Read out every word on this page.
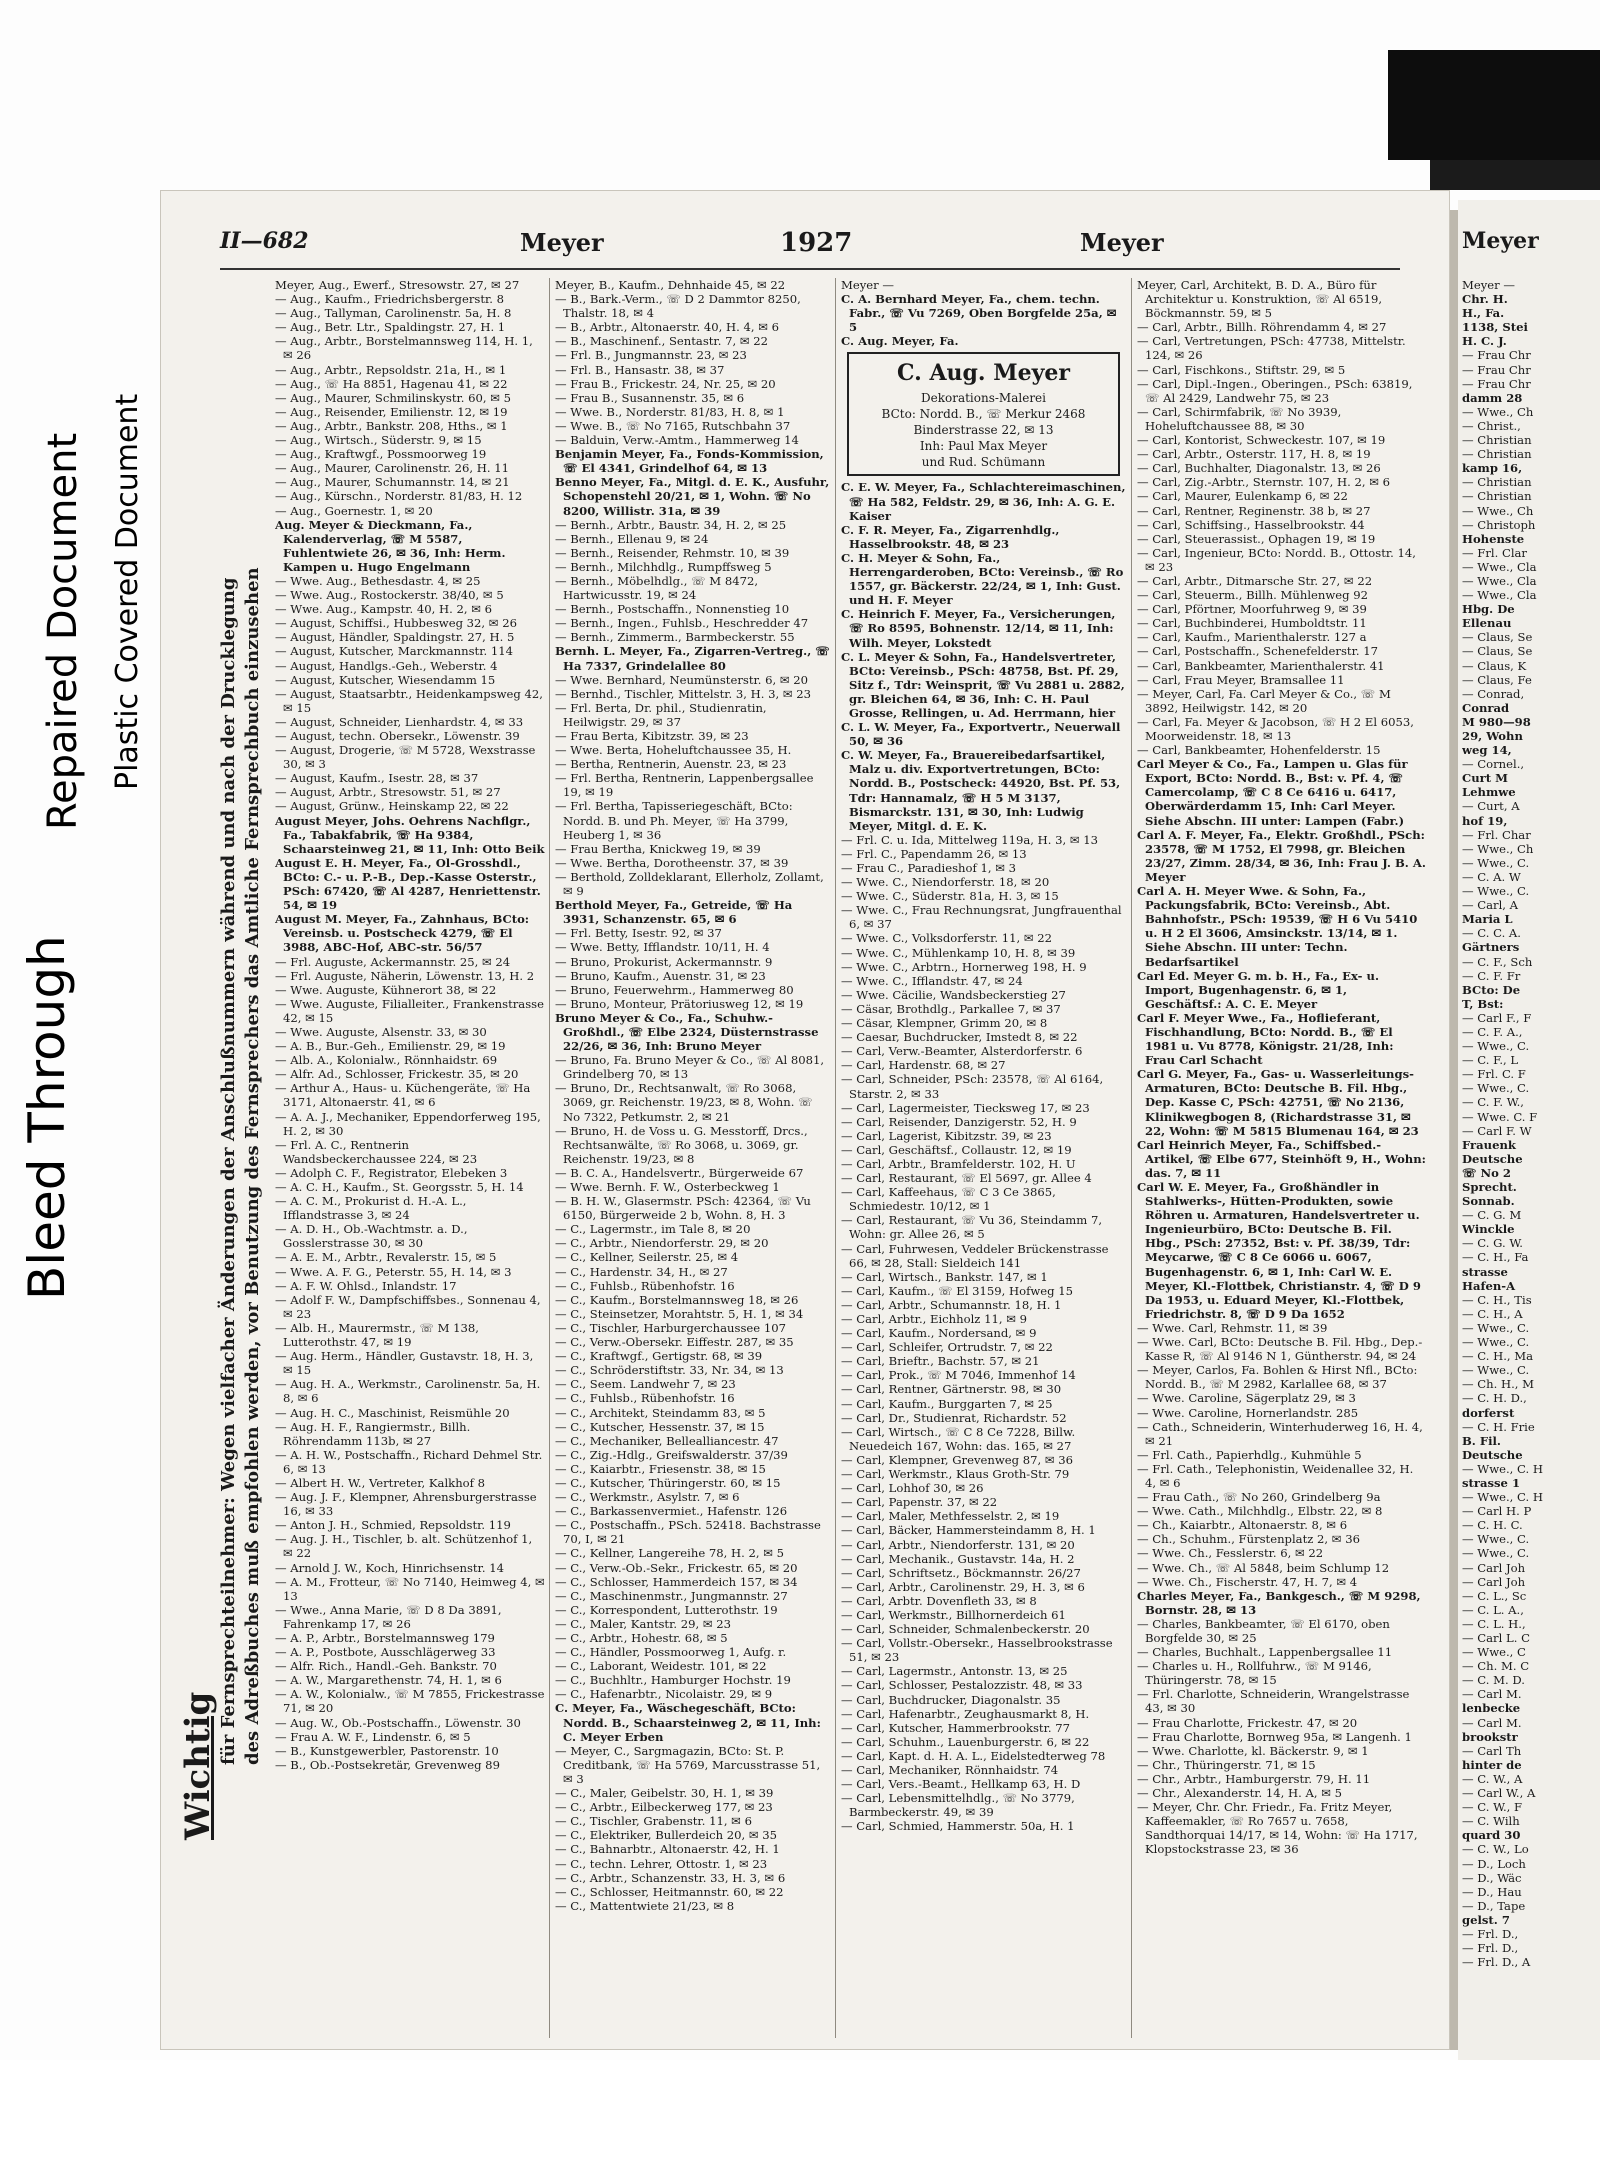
Bleed Through
Repaired Document Plastic Covered Document
II—682	Meyer	1927	Meyer	Meyer
Wichtig
für Fernsprechteilnehmer: Wegen vielfacher Änderungen der Anschlußnummern während und nach der Drucklegung des Adreßbuches muß empfohlen werden, vor Benutzung des Fernsprechers das Amtliche Fernsprechbuch einzusehen

Meyer, Aug., Ewerf., Stresowstr. 27, ✉ 27

— Aug., Kaufm., Friedrichsbergerstr. 8

— Aug., Tallyman, Carolinenstr. 5a, H. 8

— Aug., Betr. Ltr., Spaldingstr. 27, H. 1

— Aug., Arbtr., Borstelmannsweg 114, H. 1, ✉ 26

— Aug., Arbtr., Repsoldstr. 21a, H., ✉ 1

— Aug., ☏ Ha 8851, Hagenau 41, ✉ 22

— Aug., Maurer, Schmilinskystr. 60, ✉ 5

— Aug., Reisender, Emilienstr. 12, ✉ 19

— Aug., Arbtr., Bankstr. 208, Hths., ✉ 1

— Aug., Wirtsch., Süderstr. 9, ✉ 15

— Aug., Kraftwgf., Possmoorweg 19

— Aug., Maurer, Carolinenstr. 26, H. 11

— Aug., Maurer, Schumannstr. 14, ✉ 21

— Aug., Kürschn., Norderstr. 81/83, H. 12

— Aug., Goernestr. 1, ✉ 20

Aug. Meyer & Dieckmann, Fa., Kalenderverlag, ☏ M 5587, Fuhlentwiete 26, ✉ 36, Inh: Herm. Kampen u. Hugo Engelmann

— Wwe. Aug., Bethesdastr. 4, ✉ 25

— Wwe. Aug., Rostockerstr. 38/40, ✉ 5

— Wwe. Aug., Kampstr. 40, H. 2, ✉ 6

— August, Schiffsi., Hubbesweg 32, ✉ 26

— August, Händler, Spaldingstr. 27, H. 5

— August, Kutscher, Marckmannstr. 114

— August, Handlgs.-Geh., Weberstr. 4

— August, Kutscher, Wiesendamm 15

— August, Staatsarbtr., Heidenkampsweg 42, ✉ 15

— August, Schneider, Lienhardstr. 4, ✉ 33

— August, techn. Obersekr., Löwenstr. 39

— August, Drogerie, ☏ M 5728, Wexstrasse 30, ✉ 3

— August, Kaufm., Isestr. 28, ✉ 37

— August, Arbtr., Stresowstr. 51, ✉ 27

— August, Grünw., Heinskamp 22, ✉ 22

August Meyer, Johs. Oehrens Nachflgr., Fa., Tabakfabrik, ☏ Ha 9384, Schaarsteinweg 21, ✉ 11, Inh: Otto Beik

August E. H. Meyer, Fa., Ol-Grosshdl., BCto: C.- u. P.-B., Dep.-Kasse Osterstr., PSch: 67420, ☏ Al 4287, Henriettenstr. 54, ✉ 19

August M. Meyer, Fa., Zahnhaus, BCto: Vereinsb. u. Postscheck 4279, ☏ El 3988, ABC-Hof, ABC-str. 56/57

— Frl. Auguste, Ackermannstr. 25, ✉ 24

— Frl. Auguste, Näherin, Löwenstr. 13, H. 2

— Wwe. Auguste, Kühnerort 38, ✉ 22

— Wwe. Auguste, Filialleiter., Frankenstrasse 42, ✉ 15

— Wwe. Auguste, Alsenstr. 33, ✉ 30

— A. B., Bur.-Geh., Emilienstr. 29, ✉ 19

— Alb. A., Kolonialw., Rönnhaidstr. 69

— Alfr. Ad., Schlosser, Frickestr. 35, ✉ 20

— Arthur A., Haus- u. Küchengeräte, ☏ Ha 3171, Altonaerstr. 41, ✉ 6

— A. A. J., Mechaniker, Eppendorferweg 195, H. 2, ✉ 30

— Frl. A. C., Rentnerin Wandsbeckerchaussee 224, ✉ 23

— Adolph C. F., Registrator, Elebeken 3

— A. C. H., Kaufm., St. Georgsstr. 5, H. 14

— A. C. M., Prokurist d. H.-A. L., Ifflandstrasse 3, ✉ 24

— A. D. H., Ob.-Wachtmstr. a. D., Gosslerstrasse 30, ✉ 30

— A. E. M., Arbtr., Revalerstr. 15, ✉ 5

— Wwe. A. F. G., Peterstr. 55, H. 14, ✉ 3

— A. F. W. Ohlsd., Inlandstr. 17

— Adolf F. W., Dampfschiffsbes., Sonnenau 4, ✉ 23

— Alb. H., Maurermstr., ☏ M 138, Lutterothstr. 47, ✉ 19

— Aug. Herm., Händler, Gustavstr. 18, H. 3, ✉ 15

— Aug. H. A., Werkmstr., Carolinenstr. 5a, H. 8, ✉ 6

— Aug. H. C., Maschinist, Reismühle 20

— Aug. H. F., Rangiermstr., Billh. Röhrendamm 113b, ✉ 27

— A. H. W., Postschaffn., Richard Dehmel Str. 6, ✉ 13

— Albert H. W., Vertreter, Kalkhof 8

— Aug. J. F., Klempner, Ahrensburgerstrasse 16, ✉ 33

— Anton J. H., Schmied, Repsoldstr. 119

— Aug. J. H., Tischler, b. alt. Schützenhof 1, ✉ 22

— Arnold J. W., Koch, Hinrichsenstr. 14

— A. M., Frotteur, ☏ No 7140, Heimweg 4, ✉ 13

— Wwe., Anna Marie, ☏ D 8 Da 3891, Fahrenkamp 17, ✉ 26

— A. P., Arbtr., Borstelmannsweg 179

— A. P., Postbote, Ausschlägerweg 33

— Alfr. Rich., Handl.-Geh. Bankstr. 70

— A. W., Margarethenstr. 74, H. 1, ✉ 6

— A. W., Kolonialw., ☏ M 7855, Frickestrasse 71, ✉ 20

— Aug. W., Ob.-Postschaffn., Löwenstr. 30

— Frau A. W. F., Lindenstr. 6, ✉ 5

— B., Kunstgewerbler, Pastorenstr. 10

— B., Ob.-Postsekretär, Grevenweg 89

Meyer, B., Kaufm., Dehnhaide 45, ✉ 22

— B., Bark.-Verm., ☏ D 2 Dammtor 8250, Thalstr. 18, ✉ 4

— B., Arbtr., Altonaerstr. 40, H. 4, ✉ 6

— B., Maschinenf., Sentastr. 7, ✉ 22

— Frl. B., Jungmannstr. 23, ✉ 23

— Frl. B., Hansastr. 38, ✉ 37

— Frau B., Frickestr. 24, Nr. 25, ✉ 20

— Frau B., Susannenstr. 35, ✉ 6

— Wwe. B., Norderstr. 81/83, H. 8, ✉ 1

— Wwe. B., ☏ No 7165, Rutschbahn 37

— Balduin, Verw.-Amtm., Hammerweg 14

Benjamin Meyer, Fa., Fonds-Kommission, ☏ El 4341, Grindelhof 64, ✉ 13

Benno Meyer, Fa., Mitgl. d. E. K., Ausfuhr, Schopenstehl 20/21, ✉ 1, Wohn. ☏ No 8200, Willistr. 31a, ✉ 39

— Bernh., Arbtr., Baustr. 34, H. 2, ✉ 25

— Bernh., Ellenau 9, ✉ 24

— Bernh., Reisender, Rehmstr. 10, ✉ 39

— Bernh., Milchhdlg., Rumpffsweg 5

— Bernh., Möbelhdlg., ☏ M 8472, Hartwicusstr. 19, ✉ 24

— Bernh., Postschaffn., Nonnenstieg 10

— Bernh., Ingen., Fuhlsb., Heschredder 47

— Bernh., Zimmerm., Barmbeckerstr. 55

Bernh. L. Meyer, Fa., Zigarren-Vertreg., ☏ Ha 7337, Grindelallee 80

— Wwe. Bernhard, Neumünsterstr. 6, ✉ 20

— Bernhd., Tischler, Mittelstr. 3, H. 3, ✉ 23

— Frl. Berta, Dr. phil., Studienratin, Heilwigstr. 29, ✉ 37

— Frau Berta, Kibitzstr. 39, ✉ 23

— Wwe. Berta, Hoheluftchaussee 35, H.

— Bertha, Rentnerin, Auenstr. 23, ✉ 23

— Frl. Bertha, Rentnerin, Lappenbergsallee 19, ✉ 19

— Frl. Bertha, Tapisseriegeschäft, BCto: Nordd. B. und Ph. Meyer, ☏ Ha 3799, Heuberg 1, ✉ 36

— Frau Bertha, Knickweg 19, ✉ 39

— Wwe. Bertha, Dorotheenstr. 37, ✉ 39

— Berthold, Zolldeklarant, Ellerholz, Zollamt, ✉ 9

Berthold Meyer, Fa., Getreide, ☏ Ha 3931, Schanzenstr. 65, ✉ 6

— Frl. Betty, Isestr. 92, ✉ 37

— Wwe. Betty, Ifflandstr. 10/11, H. 4

— Bruno, Prokurist, Ackermannstr. 9

— Bruno, Kaufm., Auenstr. 31, ✉ 23

— Bruno, Feuerwehrm., Hammerweg 80

— Bruno, Monteur, Prätoriusweg 12, ✉ 19

Bruno Meyer & Co., Fa., Schuhw.-Großhdl., ☏ Elbe 2324, Düsternstrasse 22/26, ✉ 36, Inh: Bruno Meyer

— Bruno, Fa. Bruno Meyer & Co., ☏ Al 8081, Grindelberg 70, ✉ 13

— Bruno, Dr., Rechtsanwalt, ☏ Ro 3068, 3069, gr. Reichenstr. 19/23, ✉ 8, Wohn. ☏ No 7322, Petkumstr. 2, ✉ 21

— Bruno, H. de Voss u. G. Messtorff, Drcs., Rechtsanwälte, ☏ Ro 3068, u. 3069, gr. Reichenstr. 19/23, ✉ 8

— B. C. A., Handelsvertr., Bürgerweide 67

— Wwe. Bernh. F. W., Osterbeckweg 1

— B. H. W., Glasermstr. PSch: 42364, ☏ Vu 6150, Bürgerweide 2 b, Wohn. 8, H. 3

— C., Lagermstr., im Tale 8, ✉ 20

— C., Arbtr., Niendorferstr. 29, ✉ 20

— C., Kellner, Seilerstr. 25, ✉ 4

— C., Hardenstr. 34, H., ✉ 27

— C., Fuhlsb., Rübenhofstr. 16

— C., Kaufm., Borstelmannsweg 18, ✉ 26

— C., Steinsetzer, Morahtstr. 5, H. 1, ✉ 34

— C., Tischler, Harburgerchaussee 107

— C., Verw.-Obersekr. Eiffestr. 287, ✉ 35

— C., Kraftwgf., Gertigstr. 68, ✉ 39

— C., Schröderstiftstr. 33, Nr. 34, ✉ 13

— C., Seem. Landwehr 7, ✉ 23

— C., Fuhlsb., Rübenhofstr. 16

— C., Architekt, Steindamm 83, ✉ 5

— C., Kutscher, Hessenstr. 37, ✉ 15

— C., Mechaniker, Bellealliancestr. 47

— C., Zig.-Hdlg., Greifswalderstr. 37/39

— C., Kaiarbtr., Friesenstr. 38, ✉ 15

— C., Kutscher, Thüringerstr. 60, ✉ 15

— C., Werkmstr., Asylstr. 7, ✉ 6

— C., Barkassenvermiet., Hafenstr. 126

— C., Postschaffn., PSch. 52418. Bachstrasse 70, I, ✉ 21

— C., Kellner, Langereihe 78, H. 2, ✉ 5

— C., Verw.-Ob.-Sekr., Frickestr. 65, ✉ 20

— C., Schlosser, Hammerdeich 157, ✉ 34

— C., Maschinenmstr., Jungmannstr. 27

— C., Korrespondent, Lutterothstr. 19

— C., Maler, Kantstr. 29, ✉ 23

— C., Arbtr., Hohestr. 68, ✉ 5

— C., Händler, Possmoorweg 1, Aufg. r.

— C., Laborant, Weidestr. 101, ✉ 22

— C., Buchhltr., Hamburger Hochstr. 19

— C., Hafenarbtr., Nicolaistr. 29, ✉ 9

C. Meyer, Fa., Wäschegeschäft, BCto: Nordd. B., Schaarsteinweg 2, ✉ 11, Inh: C. Meyer Erben

— Meyer, C., Sargmagazin, BCto: St. P. Creditbank, ☏ Ha 5769, Marcusstrasse 51, ✉ 3

— C., Maler, Geibelstr. 30, H. 1, ✉ 39

— C., Arbtr., Eilbeckerweg 177, ✉ 23

— C., Tischler, Grabenstr. 11, ✉ 6

— C., Elektriker, Bullerdeich 20, ✉ 35

— C., Bahnarbtr., Altonaerstr. 42, H. 1

— C., techn. Lehrer, Ottostr. 1, ✉ 23

— C., Arbtr., Schanzenstr. 33, H. 3, ✉ 6

— C., Schlosser, Heitmannstr. 60, ✉ 22

— C., Mattentwiete 21/23, ✉ 8

Meyer —

C. A. Bernhard Meyer, Fa., chem. techn. Fabr., ☏ Vu 7269, Oben Borgfelde 25a, ✉ 5

C. Aug. Meyer, Fa.

C. Aug. Meyer
Dekorations-Malerei
BCto: Nordd. B., ☏ Merkur 2468
Binderstrasse 22, ✉ 13
Inh: Paul Max Meyer
und Rud. Schümann

C. E. W. Meyer, Fa., Schlachtereimaschinen, ☏ Ha 582, Feldstr. 29, ✉ 36, Inh: A. G. E. Kaiser

C. F. R. Meyer, Fa., Zigarrenhdlg., Hasselbrookstr. 48, ✉ 23

C. H. Meyer & Sohn, Fa., Herrengarderoben, BCto: Vereinsb., ☏ Ro 1557, gr. Bäckerstr. 22/24, ✉ 1, Inh: Gust. und H. F. Meyer

C. Heinrich F. Meyer, Fa., Versicherungen, ☏ Ro 8595, Bohnenstr. 12/14, ✉ 11, Inh: Wilh. Meyer, Lokstedt

C. L. Meyer & Sohn, Fa., Handelsvertreter, BCto: Vereinsb., PSch: 48758, Bst. Pf. 29, Sitz f., Tdr: Weinsprit, ☏ Vu 2881 u. 2882, gr. Bleichen 64, ✉ 36, Inh: C. H. Paul Grosse, Rellingen, u. Ad. Herrmann, hier

C. L. W. Meyer, Fa., Exportvertr., Neuerwall 50, ✉ 36

C. W. Meyer, Fa., Brauereibedarfsartikel, Malz u. div. Exportvertretungen, BCto: Nordd. B., Postscheck: 44920, Bst. Pf. 53, Tdr: Hannamalz, ☏ H 5 M 3137, Bismarckstr. 131, ✉ 30, Inh: Ludwig Meyer, Mitgl. d. E. K.

— Frl. C. u. Ida, Mittelweg 119a, H. 3, ✉ 13

— Frl. C., Papendamm 26, ✉ 13

— Frau C., Paradieshof 1, ✉ 3

— Wwe. C., Niendorferstr. 18, ✉ 20

— Wwe. C., Süderstr. 81a, H. 3, ✉ 15

— Wwe. C., Frau Rechnungsrat, Jungfrauenthal 6, ✉ 37

— Wwe. C., Volksdorferstr. 11, ✉ 22

— Wwe. C., Mühlenkamp 10, H. 8, ✉ 39

— Wwe. C., Arbtrn., Hornerweg 198, H. 9

— Wwe. C., Ifflandstr. 47, ✉ 24

— Wwe. Cäcilie, Wandsbeckerstieg 27

— Cäsar, Brothdlg., Parkallee 7, ✉ 37

— Cäsar, Klempner, Grimm 20, ✉ 8

— Caesar, Buchdrucker, Imstedt 8, ✉ 22

— Carl, Verw.-Beamter, Alsterdorferstr. 6

— Carl, Hardenstr. 68, ✉ 27

— Carl, Schneider, PSch: 23578, ☏ Al 6164, Starstr. 2, ✉ 33

— Carl, Lagermeister, Tiecksweg 17, ✉ 23

— Carl, Reisender, Danzigerstr. 52, H. 9

— Carl, Lagerist, Kibitzstr. 39, ✉ 23

— Carl, Geschäftsf., Collaustr. 12, ✉ 19

— Carl, Arbtr., Bramfelderstr. 102, H. U

— Carl, Restaurant, ☏ El 5697, gr. Allee 4

— Carl, Kaffeehaus, ☏ C 3 Ce 3865, Schmiedestr. 10/12, ✉ 1

— Carl, Restaurant, ☏ Vu 36, Steindamm 7, Wohn: gr. Allee 26, ✉ 5

— Carl, Fuhrwesen, Veddeler Brückenstrasse 66, ✉ 28, Stall: Sieldeich 141

— Carl, Wirtsch., Bankstr. 147, ✉ 1

— Carl, Kaufm., ☏ El 3159, Hofweg 15

— Carl, Arbtr., Schumannstr. 18, H. 1

— Carl, Arbtr., Eichholz 11, ✉ 9

— Carl, Kaufm., Nordersand, ✉ 9

— Carl, Schleifer, Ortrudstr. 7, ✉ 22

— Carl, Brieftr., Bachstr. 57, ✉ 21

— Carl, Prok., ☏ M 7046, Immenhof 14

— Carl, Rentner, Gärtnerstr. 98, ✉ 30

— Carl, Kaufm., Burggarten 7, ✉ 25

— Carl, Dr., Studienrat, Richardstr. 52

— Carl, Wirtsch., ☏ C 8 Ce 7228, Billw. Neuedeich 167, Wohn: das. 165, ✉ 27

— Carl, Klempner, Grevenweg 87, ✉ 36

— Carl, Werkmstr., Klaus Groth-Str. 79

— Carl, Lohhof 30, ✉ 26

— Carl, Papenstr. 37, ✉ 22

— Carl, Maler, Methfesselstr. 2, ✉ 19

— Carl, Bäcker, Hammersteindamm 8, H. 1

— Carl, Arbtr., Niendorferstr. 131, ✉ 20

— Carl, Mechanik., Gustavstr. 14a, H. 2

— Carl, Schriftsetz., Böckmannstr. 26/27

— Carl, Arbtr., Carolinenstr. 29, H. 3, ✉ 6

— Carl, Arbtr. Dovenfleth 33, ✉ 8

— Carl, Werkmstr., Billhornerdeich 61

— Carl, Schneider, Schmalenbeckerstr. 20

— Carl, Vollstr.-Obersekr., Hasselbrookstrasse 51, ✉ 23

— Carl, Lagermstr., Antonstr. 13, ✉ 25

— Carl, Schlosser, Pestalozzistr. 48, ✉ 33

— Carl, Buchdrucker, Diagonalstr. 35

— Carl, Hafenarbtr., Zeughausmarkt 8, H.

— Carl, Kutscher, Hammerbrookstr. 77

— Carl, Schuhm., Lauenburgerstr. 6, ✉ 22

— Carl, Kapt. d. H. A. L., Eidelstedterweg 78

— Carl, Mechaniker, Rönnhaidstr. 74

— Carl, Vers.-Beamt., Hellkamp 63, H. D

— Carl, Lebensmittelhdlg., ☏ No 3779, Barmbeckerstr. 49, ✉ 39

— Carl, Schmied, Hammerstr. 50a, H. 1

Meyer, Carl, Architekt, B. D. A., Büro für Architektur u. Konstruktion, ☏ Al 6519, Böckmannstr. 59, ✉ 5

— Carl, Arbtr., Billh. Röhrendamm 4, ✉ 27

— Carl, Vertretungen, PSch: 47738, Mittelstr. 124, ✉ 26

— Carl, Fischkons., Stiftstr. 29, ✉ 5

— Carl, Dipl.-Ingen., Oberingen., PSch: 63819, ☏ Al 2429, Landwehr 75, ✉ 23

— Carl, Schirmfabrik, ☏ No 3939, Hoheluftchaussee 88, ✉ 30

— Carl, Kontorist, Schweckestr. 107, ✉ 19

— Carl, Arbtr., Osterstr. 117, H. 8, ✉ 19

— Carl, Buchhalter, Diagonalstr. 13, ✉ 26

— Carl, Zig.-Arbtr., Sternstr. 107, H. 2, ✉ 6

— Carl, Maurer, Eulenkamp 6, ✉ 22

— Carl, Rentner, Reginenstr. 38 b, ✉ 27

— Carl, Schiffsing., Hasselbrookstr. 44

— Carl, Steuerassist., Ophagen 19, ✉ 19

— Carl, Ingenieur, BCto: Nordd. B., Ottostr. 14, ✉ 23

— Carl, Arbtr., Ditmarsche Str. 27, ✉ 22

— Carl, Steuerm., Billh. Mühlenweg 92

— Carl, Pförtner, Moorfuhrweg 9, ✉ 39

— Carl, Buchbinderei, Humboldtstr. 11

— Carl, Kaufm., Marienthalerstr. 127 a

— Carl, Postschaffn., Schenefelderstr. 17

— Carl, Bankbeamter, Marienthalerstr. 41

— Carl, Frau Meyer, Bramsallee 11

— Meyer, Carl, Fa. Carl Meyer & Co., ☏ M 3892, Heilwigstr. 142, ✉ 20

— Carl, Fa. Meyer & Jacobson, ☏ H 2 El 6053, Moorweidenstr. 18, ✉ 13

— Carl, Bankbeamter, Hohenfelderstr. 15

Carl Meyer & Co., Fa., Lampen u. Glas für Export, BCto: Nordd. B., Bst: v. Pf. 4, ☏ Camercolamp, ☏ C 8 Ce 6416 u. 6417, Oberwärderdamm 15, Inh: Carl Meyer. Siehe Abschn. III unter: Lampen (Fabr.)

Carl A. F. Meyer, Fa., Elektr. Großhdl., PSch: 23578, ☏ M 1752, El 7998, gr. Bleichen 23/27, Zimm. 28/34, ✉ 36, Inh: Frau J. B. A. Meyer

Carl A. H. Meyer Wwe. & Sohn, Fa., Packungsfabrik, BCto: Vereinsb., Abt. Bahnhofstr., PSch: 19539, ☏ H 6 Vu 5410 u. H 2 El 3606, Amsinckstr. 13/14, ✉ 1. Siehe Abschn. III unter: Techn. Bedarfsartikel

Carl Ed. Meyer G. m. b. H., Fa., Ex- u. Import, Bugenhagenstr. 6, ✉ 1, Geschäftsf.: A. C. E. Meyer

Carl F. Meyer Wwe., Fa., Hoflieferant, Fischhandlung, BCto: Nordd. B., ☏ El 1981 u. Vu 8778, Königstr. 21/28, Inh: Frau Carl Schacht

Carl G. Meyer, Fa., Gas- u. Wasserleitungs-Armaturen, BCto: Deutsche B. Fil. Hbg., Dep. Kasse C, PSch: 42751, ☏ No 2136, Klinikwegbogen 8, (Richardstrasse 31, ✉ 22, Wohn: ☏ M 5815 Blumenau 164, ✉ 23

Carl Heinrich Meyer, Fa., Schiffsbed.-Artikel, ☏ Elbe 677, Steinhöft 9, H., Wohn: das. 7, ✉ 11

Carl W. E. Meyer, Fa., Großhändler in Stahlwerks-, Hütten-Produkten, sowie Röhren u. Armaturen, Handelsvertreter u. Ingenieurbüro, BCto: Deutsche B. Fil. Hbg., PSch: 27352, Bst: v. Pf. 38/39, Tdr: Meycarwe, ☏ C 8 Ce 6066 u. 6067, Bugenhagenstr. 6, ✉ 1, Inh: Carl W. E. Meyer, Kl.-Flottbek, Christianstr. 4, ☏ D 9 Da 1953, u. Eduard Meyer, Kl.-Flottbek, Friedrichstr. 8, ☏ D 9 Da 1652

— Wwe. Carl, Rehmstr. 11, ✉ 39

— Wwe. Carl, BCto: Deutsche B. Fil. Hbg., Dep.-Kasse R, ☏ Al 9146 N 1, Güntherstr. 94, ✉ 24

— Meyer, Carlos, Fa. Bohlen & Hirst Nfl., BCto: Nordd. B., ☏ M 2982, Karlallee 68, ✉ 37

— Wwe. Caroline, Sägerplatz 29, ✉ 3

— Wwe. Caroline, Hornerlandstr. 285

— Cath., Schneiderin, Winterhuderweg 16, H. 4, ✉ 21

— Frl. Cath., Papierhdlg., Kuhmühle 5

— Frl. Cath., Telephonistin, Weidenallee 32, H. 4, ✉ 6

— Frau Cath., ☏ No 260, Grindelberg 9a

— Wwe. Cath., Milchhdlg., Elbstr. 22, ✉ 8

— Ch., Kaiarbtr., Altonaerstr. 8, ✉ 6

— Ch., Schuhm., Fürstenplatz 2, ✉ 36

— Wwe. Ch., Fesslerstr. 6, ✉ 22

— Wwe. Ch., ☏ Al 5848, beim Schlump 12

— Wwe. Ch., Fischerstr. 47, H. 7, ✉ 4

Charles Meyer, Fa., Bankgesch., ☏ M 9298, Bornstr. 28, ✉ 13

— Charles, Bankbeamter, ☏ El 6170, oben Borgfelde 30, ✉ 25

— Charles, Buchhalt., Lappenbergsallee 11

— Charles u. H., Rollfuhrw., ☏ M 9146, Thüringerstr. 78, ✉ 15

— Frl. Charlotte, Schneiderin, Wrangelstrasse 43, ✉ 30

— Frau Charlotte, Frickestr. 47, ✉ 20

— Frau Charlotte, Bornweg 95a, ✉ Langenh. 1

— Wwe. Charlotte, kl. Bäckerstr. 9, ✉ 1

— Chr., Thüringerstr. 71, ✉ 15

— Chr., Arbtr., Hamburgerstr. 79, H. 11

— Chr., Alexanderstr. 14, H. A, ✉ 5

— Meyer, Chr. Chr. Friedr., Fa. Fritz Meyer, Kaffeemakler, ☏ Ro 7657 u. 7658, Sandthorquai 14/17, ✉ 14, Wohn: ☏ Ha 1717, Klopstockstrasse 23, ✉ 36

Meyer —

Chr. H.

H., Fa.

1138, Stei

H. C. J.

— Frau Chr

— Frau Chr

— Frau Chr

damm 28

— Wwe., Ch

— Christ.,

— Christian

— Christian

kamp 16,

— Christian

— Christian

— Wwe., Ch

— Christoph

Hohenste

— Frl. Clar

— Wwe., Cla

— Wwe., Cla

— Wwe., Cla

Hbg. De

Ellenau

— Claus, Se

— Claus, Se

— Claus, K

— Claus, Fe

— Conrad,

Conrad

M 980—98

29, Wohn

weg 14,

— Cornel.,

Curt M

Lehmwe

— Curt, A

hof 19,

— Frl. Char

— Wwe., Ch

— Wwe., C.

— C. A. W

— Wwe., C.

— Carl, A

Maria L

— C. C. A.

Gärtners

— C. F., Sch

— C. F. Fr

BCto: De

T, Bst:

— Carl F., F

— C. F. A.,

— Wwe., C.

— C. F., L

— Frl. C. F

— Wwe., C.

— C. F. W.,

— Wwe. C. F

— Carl F. W

Frauenk

Deutsche

☏ No 2

Sprecht.

Sonnab.

— C. G. M

Winckle

— C. G. W.

— C. H., Fa

strasse

Hafen-A

— C. H., Tis

— C. H., A

— Wwe., C.

— Wwe., C.

— C. H., Ma

— Wwe., C.

— Ch. H., M

— C. H. D.,

dorferst

— C. H. Frie

B. Fil.

Deutsche

— Wwe., C. H

strasse 1

— Wwe., C. H

— Carl H. P

— C. H. C.

— Wwe., C.

— Wwe., C.

— Carl Joh

— Carl Joh

— C. L., Sc

— C. L. A.,

— C. L. H.,

— Carl L. C

— Wwe., C

— Ch. M. C

— C. M. D.

— Carl M.

lenbecke

— Carl M.

brookstr

— Carl Th

hinter de

— C. W., A

— Carl W., A

— C. W., F

— C. Wilh

quard 30

— C. W., Lo

— D., Loch

— D., Wäc

— D., Hau

— D., Tape

gelst. 7

— Frl. D.,

— Frl. D.,

— Frl. D., A
